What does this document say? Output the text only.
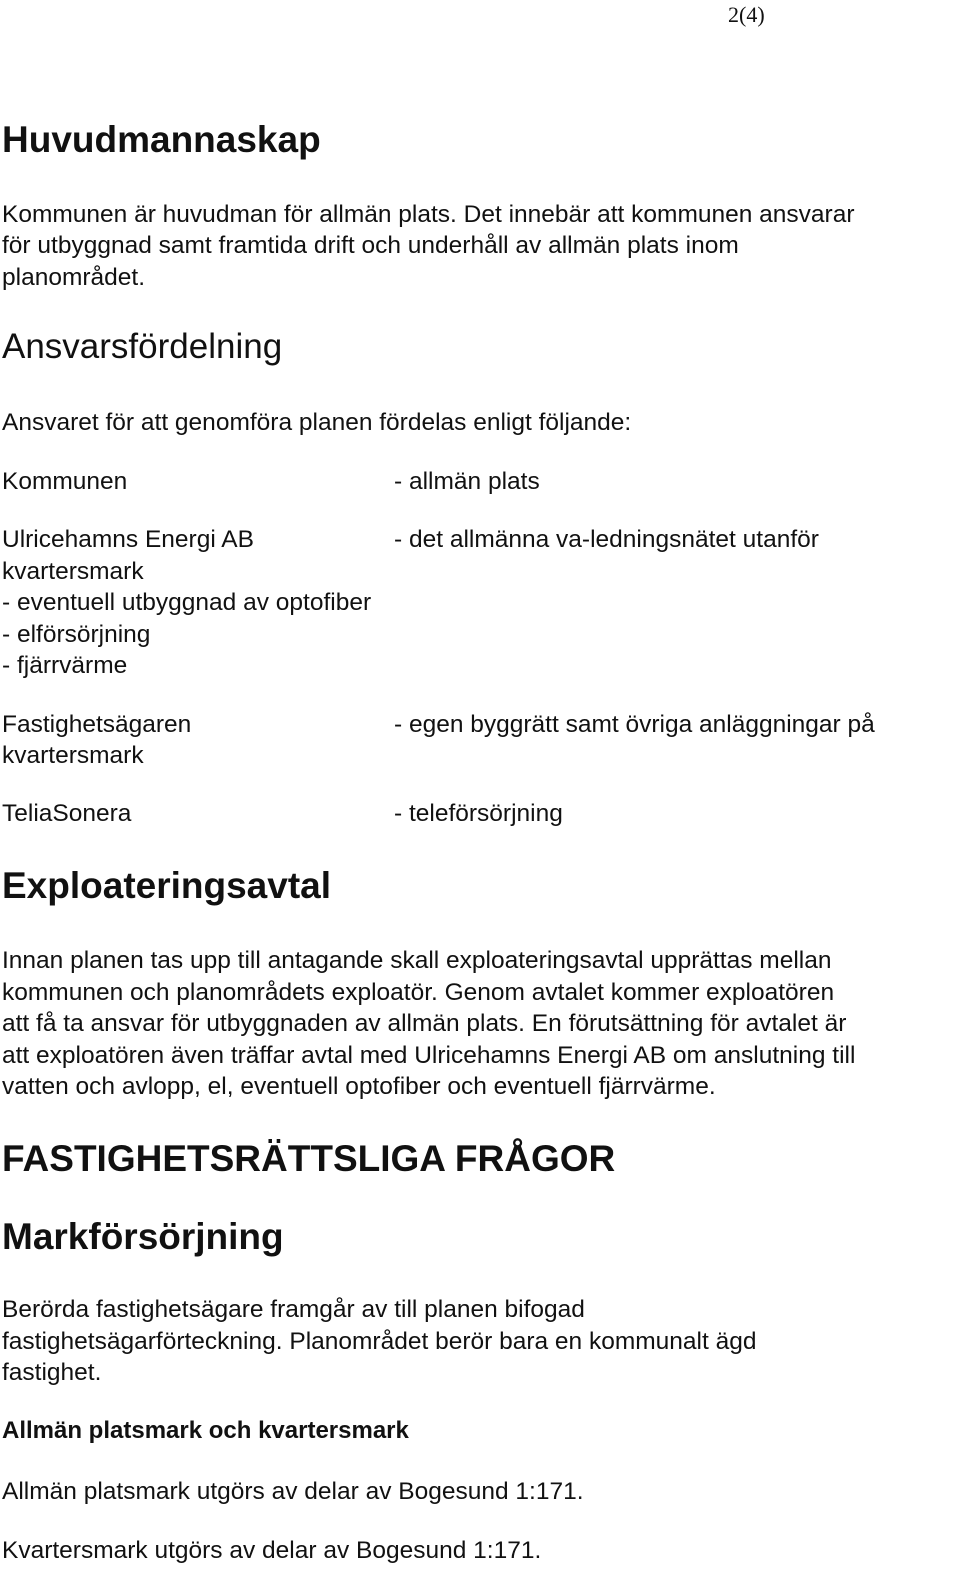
2(4)
Huvudmannaskap

Kommunen är huvudman för allmän plats. Det innebär att kommunen ansvarar

för utbyggnad samt framtida drift och underhåll av allmän plats inom

planområdet.

Ansvarsfördelning

Ansvaret för att genomföra planen fördelas enligt följande:

Kommunen	- allmän plats

Ulricehamns Energi AB	- det allmänna va-ledningsnätet utanför

kvartersmark

- eventuell utbyggnad av optofiber

- elförsörjning

- fjärrvärme

Fastighetsägaren	- egen byggrätt samt övriga anläggningar på

kvartersmark

TeliaSonera	- teleförsörjning

Exploateringsavtal

Innan planen tas upp till antagande skall exploateringsavtal upprättas mellan

kommunen och planområdets exploatör. Genom avtalet kommer exploatören

att få ta ansvar för utbyggnaden av allmän plats. En förutsättning för avtalet är

att exploatören även träffar avtal med Ulricehamns Energi AB om anslutning till

vatten och avlopp, el, eventuell optofiber och eventuell fjärrvärme.

FASTIGHETSRÄTTSLIGA FRÅGOR
Markförsörjning

Berörda fastighetsägare framgår av till planen bifogad

fastighetsägarförteckning. Planområdet berör bara en kommunalt ägd

fastighet.

Allmän platsmark och kvartersmark

Allmän platsmark utgörs av delar av Bogesund 1:171.

Kvartersmark utgörs av delar av Bogesund 1:171.
